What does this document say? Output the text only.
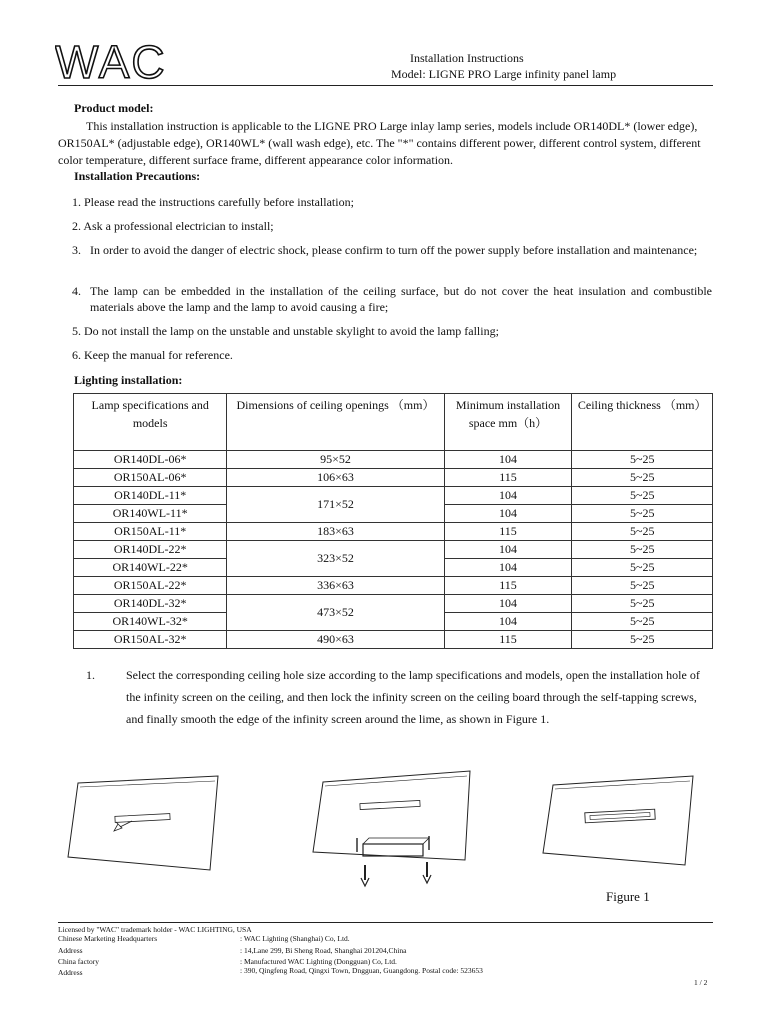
WAC	Installation Instructions
Model: LIGNE PRO Large infinity panel lamp
Product model:
This installation instruction is applicable to the LIGNE PRO Large inlay lamp series, models include OR140DL* (lower edge), OR150AL* (adjustable edge), OR140WL* (wall wash edge), etc. The "*" contains different power, different control system, different color temperature, different surface frame, different appearance color information.
Installation Precautions:
1. Please read the instructions carefully before installation;
2. Ask a professional electrician to install;
3. In order to avoid the danger of electric shock, please confirm to turn off the power supply before installation and maintenance;
4. The lamp can be embedded in the installation of the ceiling surface, but do not cover the heat insulation and combustible materials above the lamp and the lamp to avoid causing a fire;
5. Do not install the lamp on the unstable and unstable skylight to avoid the lamp falling;
6. Keep the manual for reference.
Lighting installation:
Lamp specifications and models	Dimensions of ceiling openings （mm）	Minimum installation space mm（h）	Ceiling thickness （mm）
OR140DL-06*	95×52	104	5~25
OR150AL-06*	106×63	115	5~25
OR140DL-11*	171×52	104	5~25
OR140WL-11*		104	5~25
OR150AL-11*	183×63	115	5~25
OR140DL-22*	323×52	104	5~25
OR140WL-22*		104	5~25
OR150AL-22*	336×63	115	5~25
OR140DL-32*	473×52	104	5~25
OR140WL-32*		104	5~25
OR150AL-32*	490×63	115	5~25
1.	Select the corresponding ceiling hole size according to the lamp specifications and models, open the installation hole of the infinity screen on the ceiling, and then lock the infinity screen on the ceiling board through the self-tapping screws, and finally smooth the edge of the infinity screen around the lime, as shown in Figure 1.
Figure 1
Licensed by "WAC" trademark holder - WAC LIGHTING, USA
Chinese Marketing Headquarters	: WAC Lighting (Shanghai) Co, Ltd.
Address	: 14,Lane 299, Bi Sheng Road, Shanghai 201204,China
China factory	: Manufactured WAC Lighting (Dongguan) Co, Ltd.
Address	: 390, Qingfeng Road, Qingxi Town, Dngguan, Guangdong. Postal code: 523653
1 / 2
